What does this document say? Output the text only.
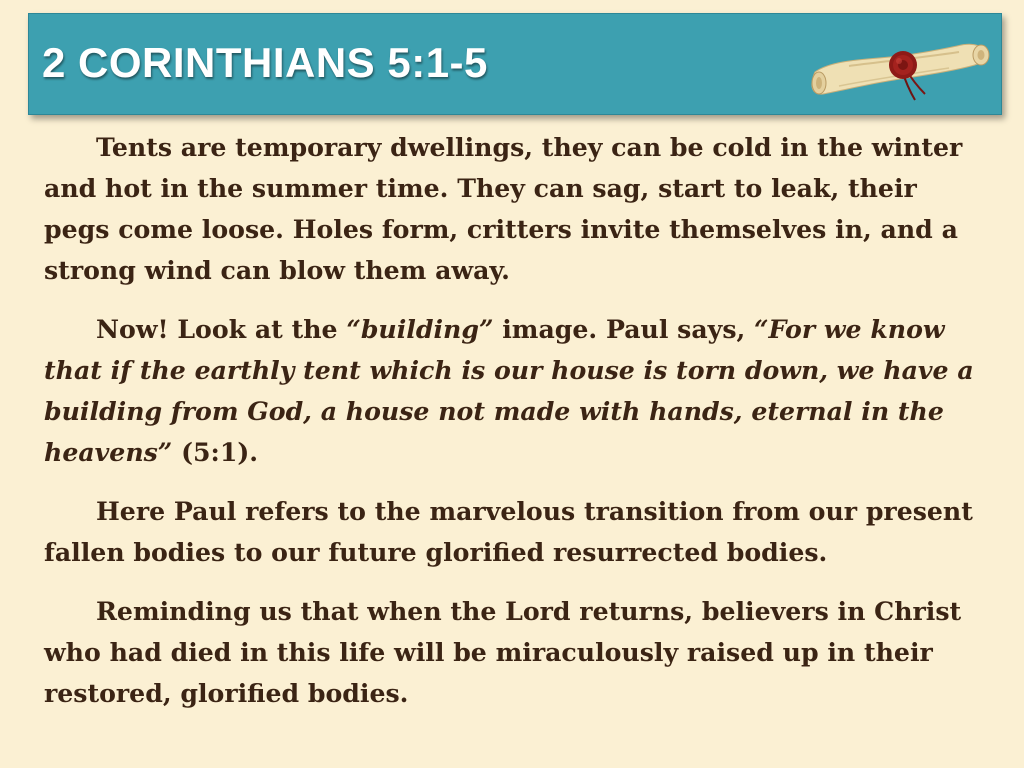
2 CORINTHIANS 5:1-5

Tents are temporary dwellings, they can be cold in the winter and hot in the summer time. They can sag, start to leak, their pegs come loose. Holes form, critters invite themselves in, and a strong wind can blow them away.

Now! Look at the “building” image. Paul says, “For we know that if the earthly tent which is our house is torn down, we have a building from God, a house not made with hands, eternal in the heavens” (5:1).

Here Paul refers to the marvelous transition from our present fallen bodies to our future glorified resurrected bodies.

Reminding us that when the Lord returns, believers in Christ who had died in this life will be miraculously raised up in their restored, glorified bodies.
